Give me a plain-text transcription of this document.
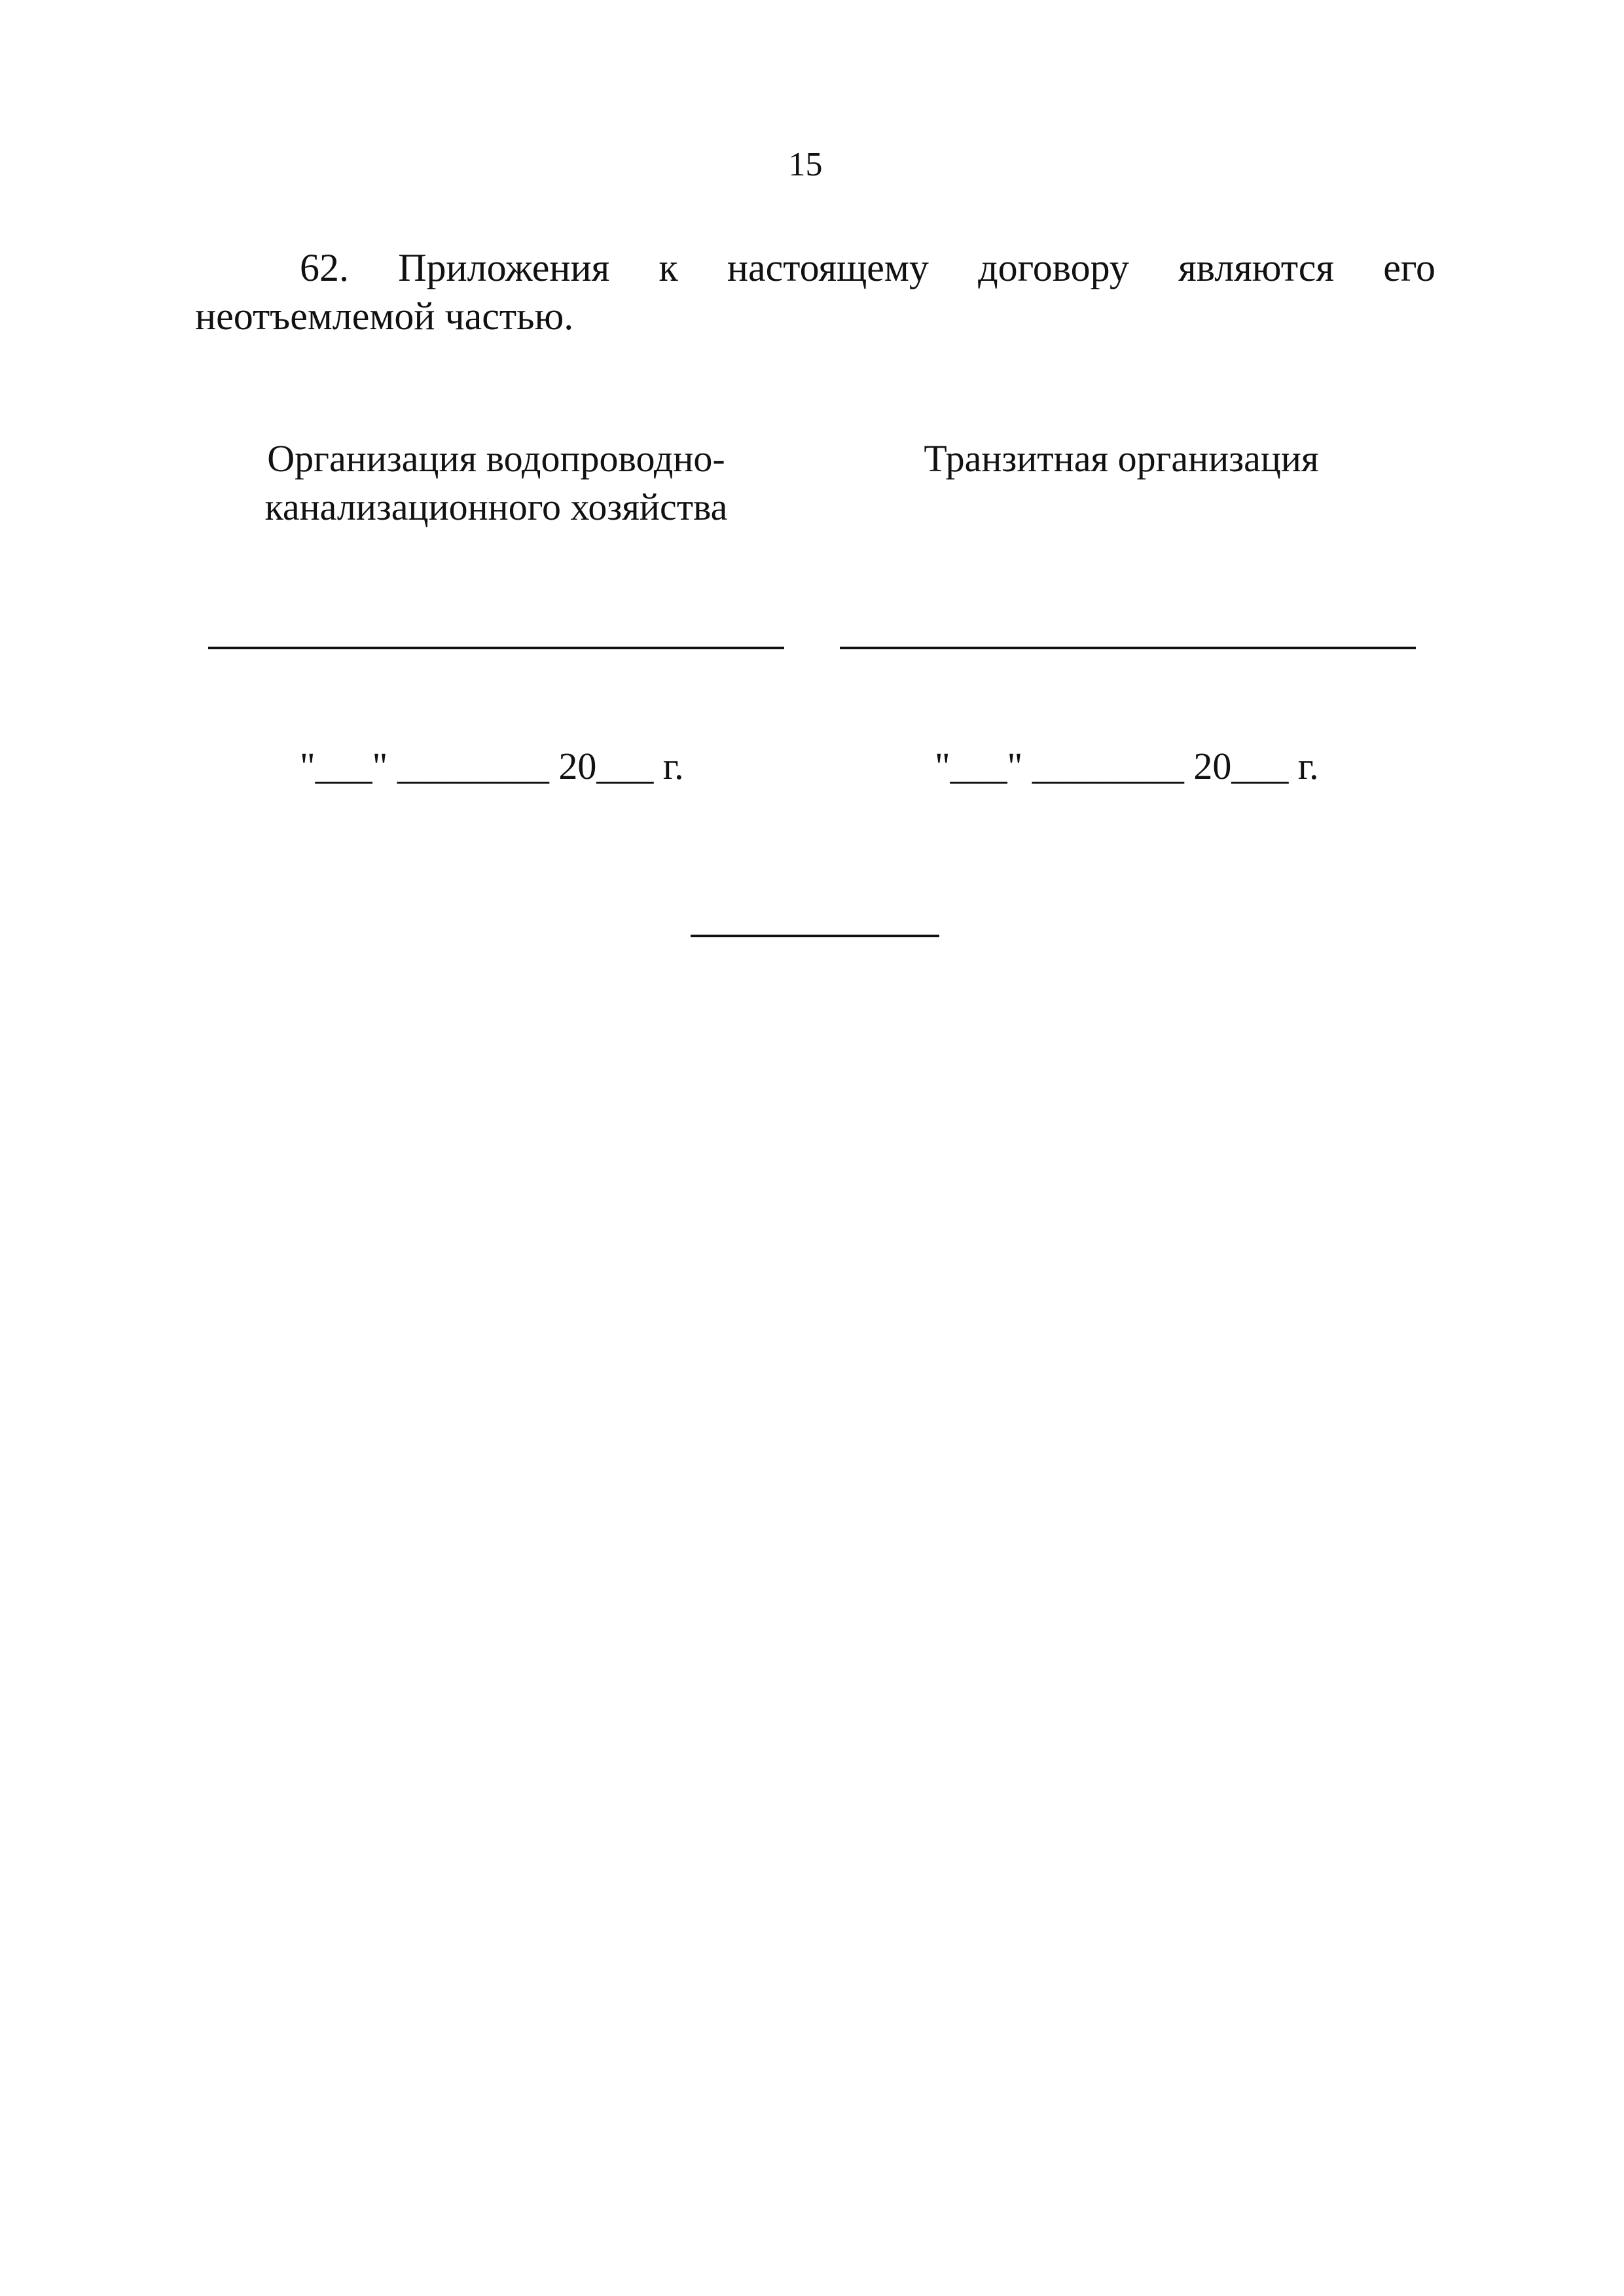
15
62. Приложения к настоящему договору являются его неотъемлемой частью.
Организация водопроводно-
канализационного хозяйства
"___" ________ 20___ г.
Транзитная организация
"___" ________ 20___ г.
